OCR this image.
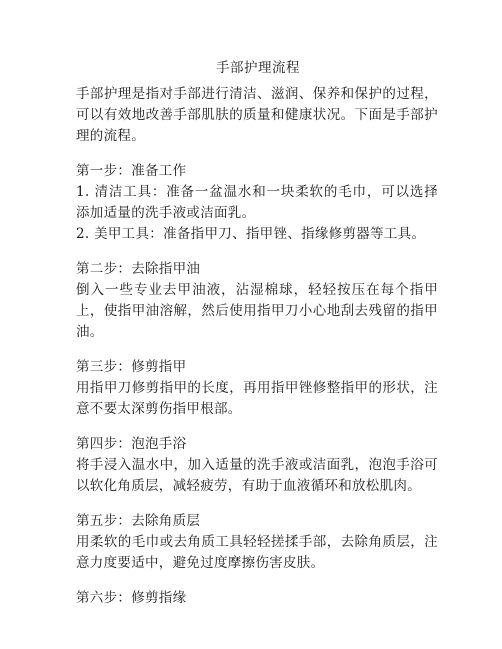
手部护理流程

手部护理是指对手部进行清洁、滋润、保养和保护的过程，可以有效地改善手部肌肤的质量和健康状况。下面是手部护理的流程。

第一步：准备工作

1. 清洁工具：准备一盆温水和一块柔软的毛巾，可以选择添加适量的洗手液或洁面乳。

2. 美甲工具：准备指甲刀、指甲锉、指缘修剪器等工具。

第二步：去除指甲油

倒入一些专业去甲油液，沾湿棉球，轻轻按压在每个指甲上，使指甲油溶解，然后使用指甲刀小心地刮去残留的指甲油。

第三步：修剪指甲

用指甲刀修剪指甲的长度，再用指甲锉修整指甲的形状，注意不要太深剪伤指甲根部。

第四步：泡泡手浴

将手浸入温水中，加入适量的洗手液或洁面乳，泡泡手浴可以软化角质层，减轻疲劳，有助于血液循环和放松肌肉。

第五步：去除角质层

用柔软的毛巾或去角质工具轻轻搓揉手部，去除角质层，注意力度要适中，避免过度摩擦伤害皮肤。

第六步：修剪指缘
